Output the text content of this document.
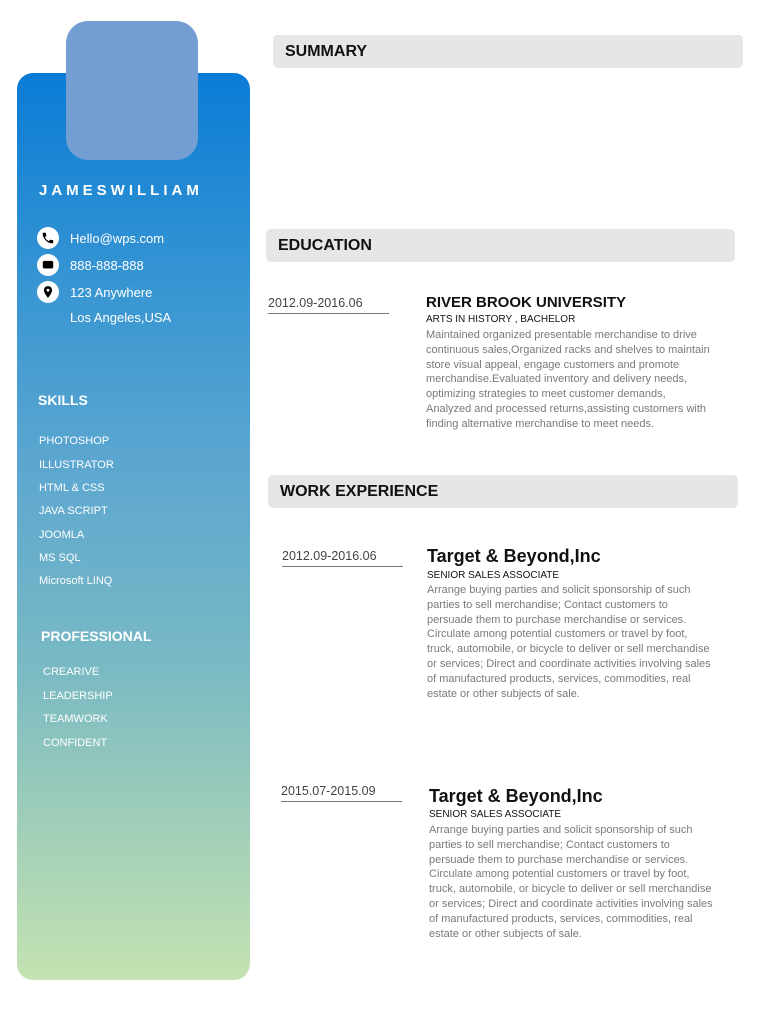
JAMESWILLIAM
Hello@wps.com
888-888-888
123 Anywhere
Los Angeles,USA
SKILLS
PHOTOSHOP
ILLUSTRATOR
HTML & CSS
JAVA SCRIPT
JOOMLA
MS SQL
Microsoft LINQ
PROFESSIONAL
CREARIVE
LEADERSHIP
TEAMWORK
CONFIDENT
SUMMARY
EDUCATION
WORK EXPERIENCE
2012.09-2016.06	RIVER BROOK UNIVERSITY
ARTS IN HISTORY , BACHELOR
Maintained organized presentable merchandise to drive
continuous sales,Organized racks and shelves to maintain
store visual appeal, engage customers and promote
merchandise.Evaluated inventory and delivery needs,
optimizing strategies to meet customer demands,
Analyzed and processed returns,assisting customers with
finding alternative merchandise to meet needs.
2012.09-2016.06	Target & Beyond,Inc
SENIOR SALES ASSOCIATE
Arrange buying parties and solicit sponsorship of such
parties to sell merchandise; Contact customers to
persuade them to purchase merchandise or services.
Circulate among potential customers or travel by foot,
truck, automobile, or bicycle to deliver or sell merchandise
or services; Direct and coordinate activities involving sales
of manufactured products, services, commodities, real
estate or other subjects of sale.
2015.07-2015.09	Target & Beyond,Inc
SENIOR SALES ASSOCIATE
Arrange buying parties and solicit sponsorship of such
parties to sell merchandise; Contact customers to
persuade them to purchase merchandise or services.
Circulate among potential customers or travel by foot,
truck, automobile, or bicycle to deliver or sell merchandise
or services; Direct and coordinate activities involving sales
of manufactured products, services, commodities, real
estate or other subjects of sale.
